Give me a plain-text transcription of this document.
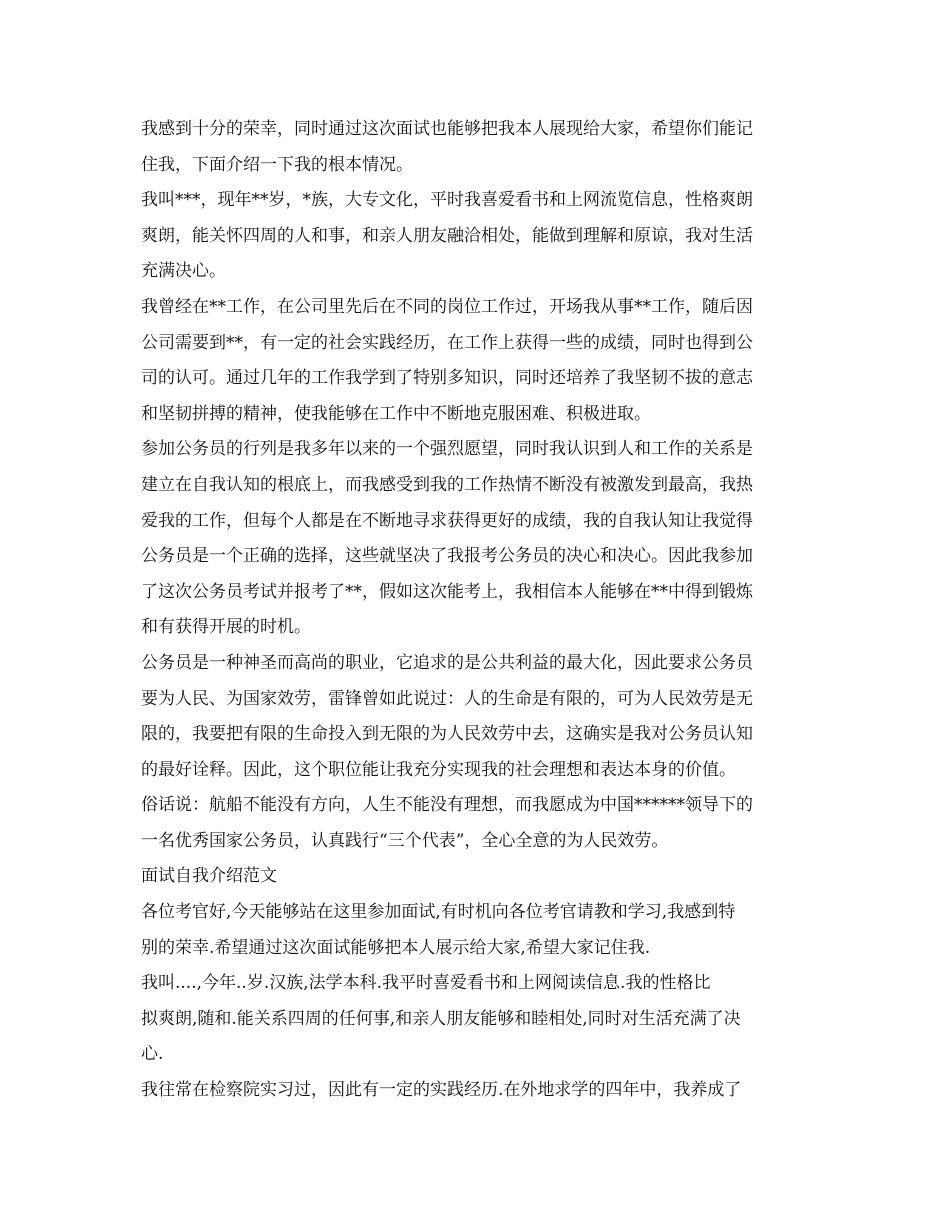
我感到十分的荣幸，同时通过这次面试也能够把我本人展现给大家，希望你们能记
住我，下面介绍一下我的根本情况。
我叫***，现年**岁，*族，大专文化，平时我喜爱看书和上网流览信息，性格爽朗
爽朗，能关怀四周的人和事，和亲人朋友融洽相处，能做到理解和原谅，我对生活
充满决心。
我曾经在**工作，在公司里先后在不同的岗位工作过，开场我从事**工作，随后因
公司需要到**，有一定的社会实践经历，在工作上获得一些的成绩，同时也得到公
司的认可。通过几年的工作我学到了特别多知识，同时还培养了我坚韧不拔的意志
和坚韧拼搏的精神，使我能够在工作中不断地克服困难、积极进取。
参加公务员的行列是我多年以来的一个强烈愿望，同时我认识到人和工作的关系是
建立在自我认知的根底上，而我感受到我的工作热情不断没有被激发到最高，我热
爱我的工作，但每个人都是在不断地寻求获得更好的成绩，我的自我认知让我觉得
公务员是一个正确的选择，这些就坚决了我报考公务员的决心和决心。因此我参加
了这次公务员考试并报考了**，假如这次能考上，我相信本人能够在**中得到锻炼
和有获得开展的时机。
公务员是一种神圣而高尚的职业，它追求的是公共利益的最大化，因此要求公务员
要为人民、为国家效劳，雷锋曾如此说过：人的生命是有限的，可为人民效劳是无
限的，我要把有限的生命投入到无限的为人民效劳中去，这确实是我对公务员认知
的最好诠释。因此，这个职位能让我充分实现我的社会理想和表达本身的价值。
俗话说：航船不能没有方向，人生不能没有理想，而我愿成为中国******领导下的
一名优秀国家公务员，认真践行“三个代表”，全心全意的为人民效劳。
面试自我介绍范文
各位考官好,今天能够站在这里参加面试,有时机向各位考官请教和学习,我感到特
别的荣幸.希望通过这次面试能够把本人展示给大家,希望大家记住我.
我叫....,今年..岁.汉族,法学本科.我平时喜爱看书和上网阅读信息.我的性格比
拟爽朗,随和.能关系四周的任何事,和亲人朋友能够和睦相处,同时对生活充满了决
心.
我往常在检察院实习过，因此有一定的实践经历.在外地求学的四年中，我养成了
